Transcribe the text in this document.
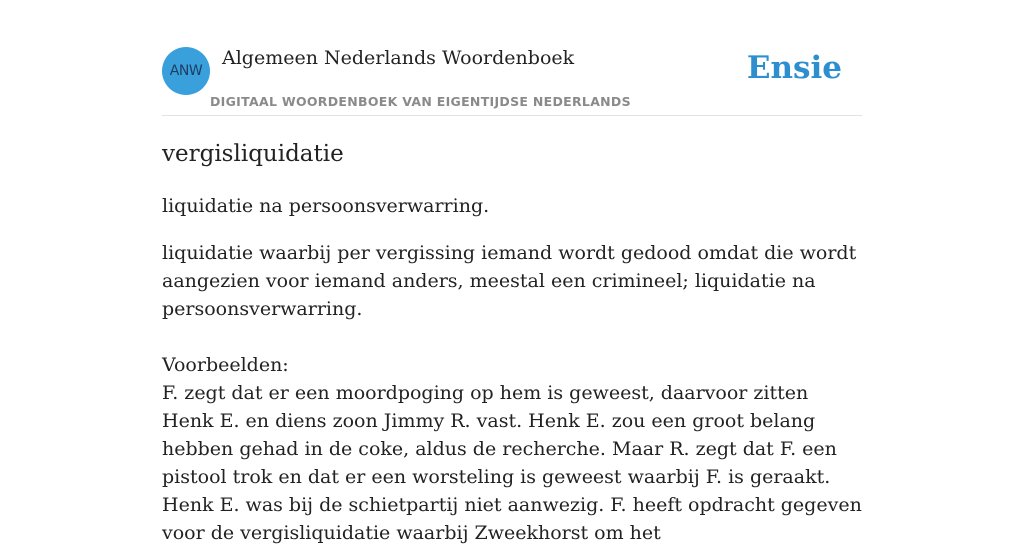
ANW
Algemeen Nederlands Woordenboek
DIGITAAL WOORDENBOEK VAN EIGENTIJDSE NEDERLANDS
Ensie
vergisliquidatie

liquidatie na persoonsverwarring.

liquidatie waarbij per vergissing iemand wordt gedood omdat die wordt aangezien voor iemand anders, meestal een crimineel; liquidatie na persoonsverwarring.

Voorbeelden:

F. zegt dat er een moordpoging op hem is geweest, daarvoor zitten Henk E. en diens zoon Jimmy R. vast. Henk E. zou een groot belang hebben gehad in de coke, aldus de recherche. Maar R. zegt dat F. een pistool trok en dat er een worsteling is geweest waarbij F. is geraakt. Henk E. was bij de schietpartij niet aanwezig. F. heeft opdracht gegeven voor de vergisliquidatie waarbij Zweekhorst om het
